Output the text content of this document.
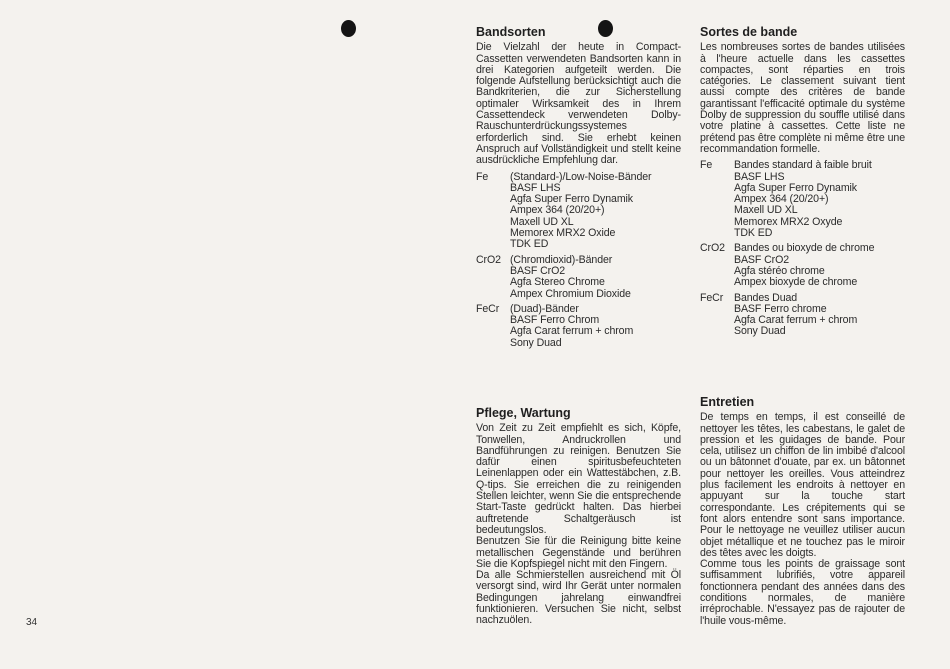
Bandsorten

Die Vielzahl der heute in Compact-Cassetten verwendeten Bandsorten kann in drei Kategorien aufgeteilt werden. Die folgende Aufstellung berücksichtigt auch die Bandkriterien, die zur Sicherstellung optimaler Wirksamkeit des in Ihrem Cassettendeck verwendeten Dolby-Rauschunterdrückungssystemes erforderlich sind. Sie erhebt keinen Anspruch auf Vollständigkeit und stellt keine ausdrückliche Empfehlung dar.

Fe	(Standard-)/Low-Noise-Bänder
BASF LHS
Agfa Super Ferro Dynamik
Ampex 364 (20/20+)
Maxell UD XL
Memorex MRX2 Oxide
TDK ED
CrO2 (Chromdioxid)-Bänder
BASF CrO2
Agfa Stereo Chrome
Ampex Chromium Dioxide
FeCr	(Duad)-Bänder
BASF Ferro Chrom
Agfa Carat ferrum + chrom
Sony Duad
Sortes de bande

Les nombreuses sortes de bandes utilisées à l'heure actuelle dans les cassettes compactes, sont réparties en trois catégories. Le classement suivant tient aussi compte des critères de bande garantissant l'efficacité optimale du système Dolby de suppression du souffle utilisé dans votre platine à cassettes. Cette liste ne prétend pas être complète ni même être une recommandation formelle.

Fe	Bandes standard à faible bruit
BASF LHS
Agfa Super Ferro Dynamik
Ampex 364 (20/20+)
Maxell UD XL
Memorex MRX2 Oxyde
TDK ED
CrO2 Bandes ou bioxyde de chrome
BASF CrO2
Agfa stéréo chrome
Ampex bioxyde de chrome
FeCr	Bandes Duad
BASF Ferro chrome
Agfa Carat ferrum + chrom
Sony Duad
Pflege, Wartung

Von Zeit zu Zeit empfiehlt es sich, Köpfe, Tonwellen, Andruckrollen und Bandführungen zu reinigen. Benutzen Sie dafür einen spiritusbefeuchteten Leinenlappen oder ein Wattestäbchen, z.B. Q-tips. Sie erreichen die zu reinigenden Stellen leichter, wenn Sie die entsprechende Start-Taste gedrückt halten. Das hierbei auftretende Schaltgeräusch ist bedeutungslos.

Benutzen Sie für die Reinigung bitte keine metallischen Gegenstände und berühren Sie die Kopfspiegel nicht mit den Fingern.

Da alle Schmierstellen ausreichend mit Öl versorgt sind, wird Ihr Gerät unter normalen Bedingungen jahrelang einwandfrei funktionieren. Versuchen Sie nicht, selbst nachzuölen.

Entretien

De temps en temps, il est conseillé de nettoyer les têtes, les cabestans, le galet de pression et les guidages de bande. Pour cela, utilisez un chiffon de lin imbibé d'alcool ou un bâtonnet d'ouate, par ex. un bâtonnet pour nettoyer les oreilles. Vous atteindrez plus facilement les endroits à nettoyer en appuyant sur la touche start correspondante. Les crépitements qui se font alors entendre sont sans importance. Pour le nettoyage ne veuillez utiliser aucun objet métallique et ne touchez pas le miroir des têtes avec les doigts.

Comme tous les points de graissage sont suffisamment lubrifiés, votre appareil fonctionnera pendant des années dans des conditions normales, de manière irréprochable. N'essayez pas de rajouter de l'huile vous-même.

34
